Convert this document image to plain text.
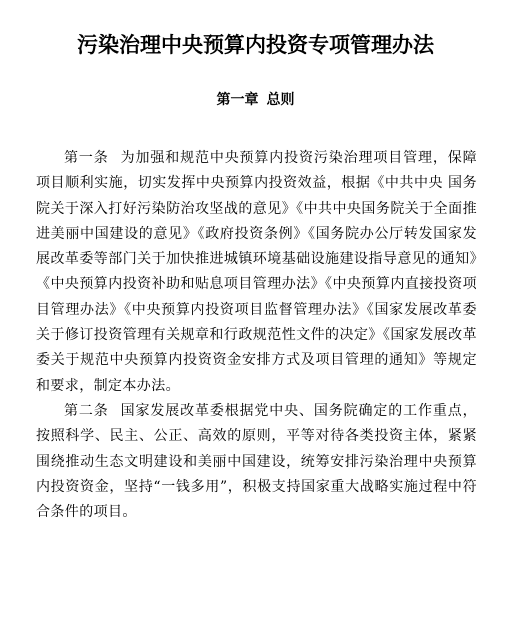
污染治理中央预算内投资专项管理办法
第一章 总则

第一条 为加强和规范中央预算内投资污染治理项目管理，保障项目顺利实施，切实发挥中央预算内投资效益，根据《中共中央 国务院关于深入打好污染防治攻坚战的意见》《中共中央国务院关于全面推进美丽中国建设的意见》《政府投资条例》《国务院办公厅转发国家发展改革委等部门关于加快推进城镇环境基础设施建设指导意见的通知》《中央预算内投资补助和贴息项目管理办法》《中央预算内直接投资项目管理办法》《中央预算内投资项目监督管理办法》《国家发展改革委关于修订投资管理有关规章和行政规范性文件的决定》《国家发展改革委关于规范中央预算内投资资金安排方式及项目管理的通知》等规定和要求，制定本办法。

第二条 国家发展改革委根据党中央、国务院确定的工作重点，按照科学、民主、公正、高效的原则，平等对待各类投资主体，紧紧围绕推动生态文明建设和美丽中国建设，统筹安排污染治理中央预算内投资资金，坚持“一钱多用”，积极支持国家重大战略实施过程中符合条件的项目。
